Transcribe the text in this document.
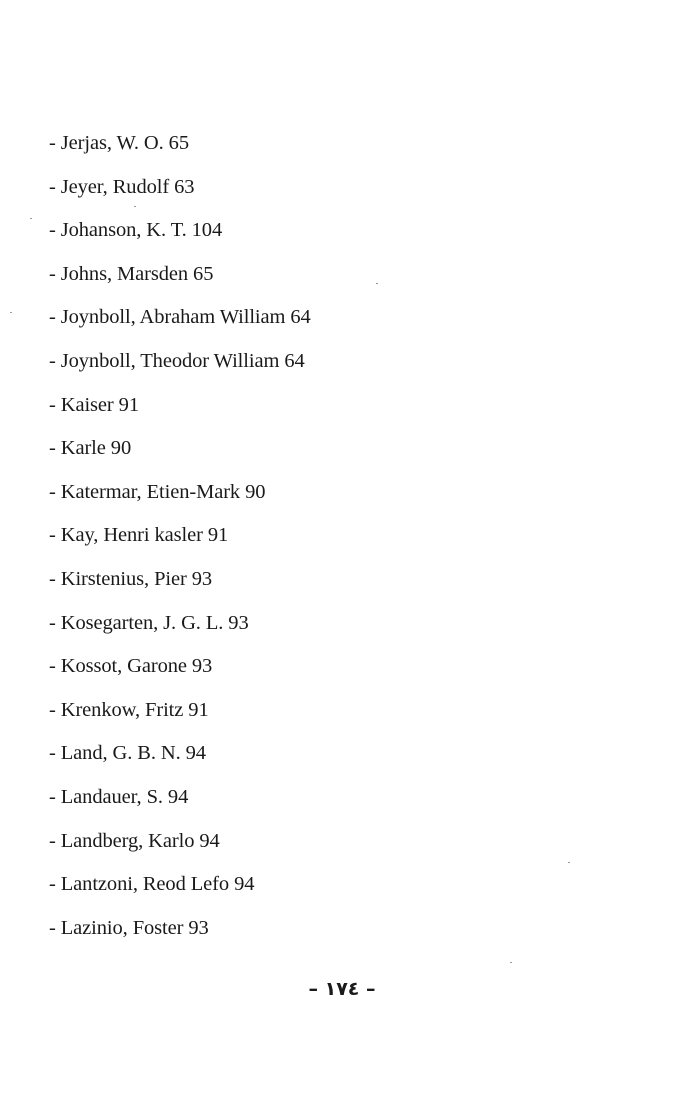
- Jerjas, W. O. 65
- Jeyer, Rudolf 63
- Johanson, K. T. 104
- Johns, Marsden 65
- Joynboll, Abraham William 64
- Joynboll, Theodor William 64
- Kaiser 91
- Karle 90
- Katermar, Etien-Mark 90
- Kay, Henri kasler 91
- Kirstenius, Pier 93
- Kosegarten, J. G. L. 93
- Kossot, Garone 93
- Krenkow, Fritz 91
- Land, G. B. N. 94
- Landauer, S. 94
- Landberg, Karlo 94
- Lantzoni, Reod Lefo 94
- Lazinio, Foster 93
– ١٧٤ –
